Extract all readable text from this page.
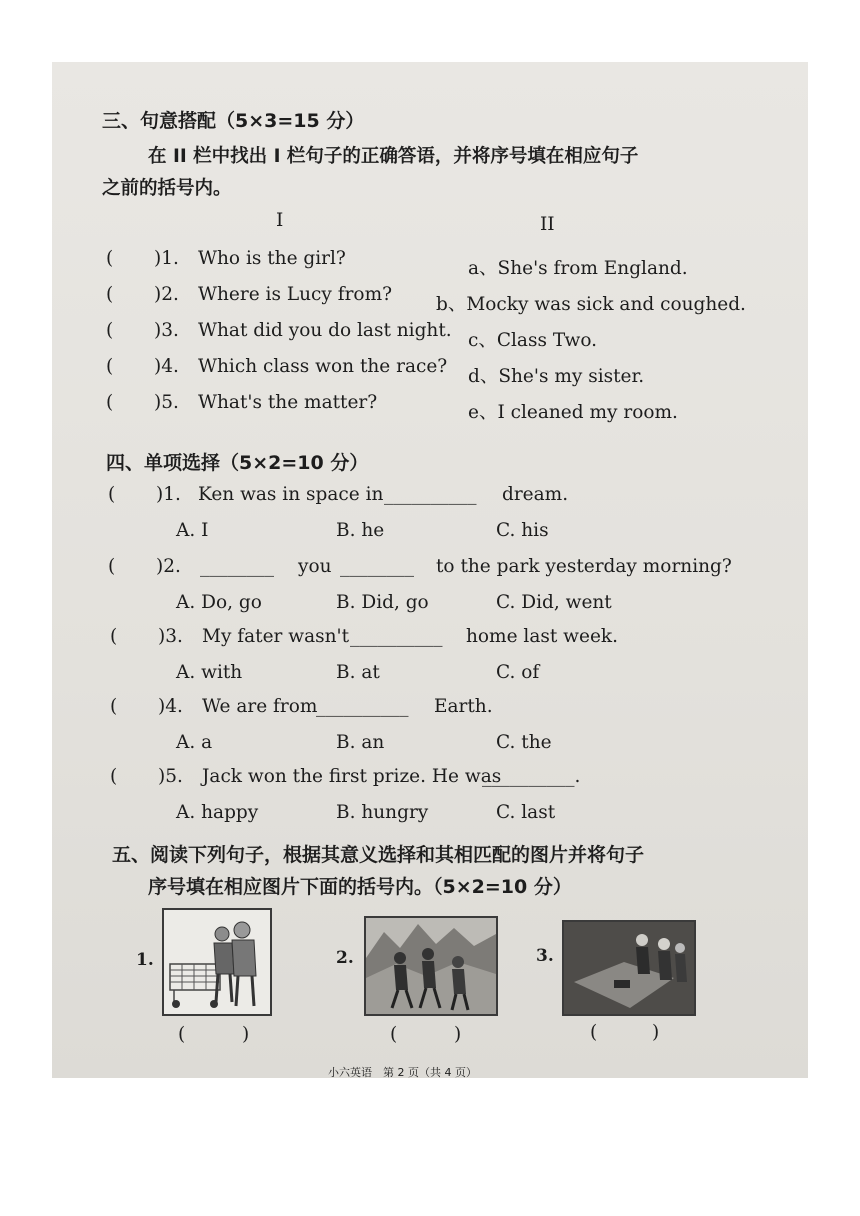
三、句意搭配（5×3=15 分）
在 II 栏中找出 I 栏句子的正确答语，并将序号填在相应句子
之前的括号内。
I	II
( )1. Who is the girl?	a、She's from England.
( )2. Where is Lucy from? b、Mocky was sick and coughed.
( )3. What did you do last night. c、Class Two.
( )4. Which class won the race? d、She's my sister.
( )5. What's the matter?	e、I cleaned my room.
四、单项选择（5×2=10 分）
( )1. Ken was in space in __________ dream.
A. I	B. he	C. his
( )2. ________ you ________ to the park yesterday morning?
A. Do, go	B. Did, go	C. Did, went
( )3. My fater wasn't __________ home last week.
A. with	B. at	C. of
( )4. We are from
__________ Earth.
A. a	B. an	C. the
( )5. Jack won the first prize. He was
__________.
A. happy	B. hungry	C. last
五、阅读下列句子，根据其意义选择和其相匹配的图片并将句子
序号填在相应图片下面的括号内。（5×2=10 分）
1.
(	)
2.
(	)
3.
(	)
小六英语　第 2 页（共 4 页）
